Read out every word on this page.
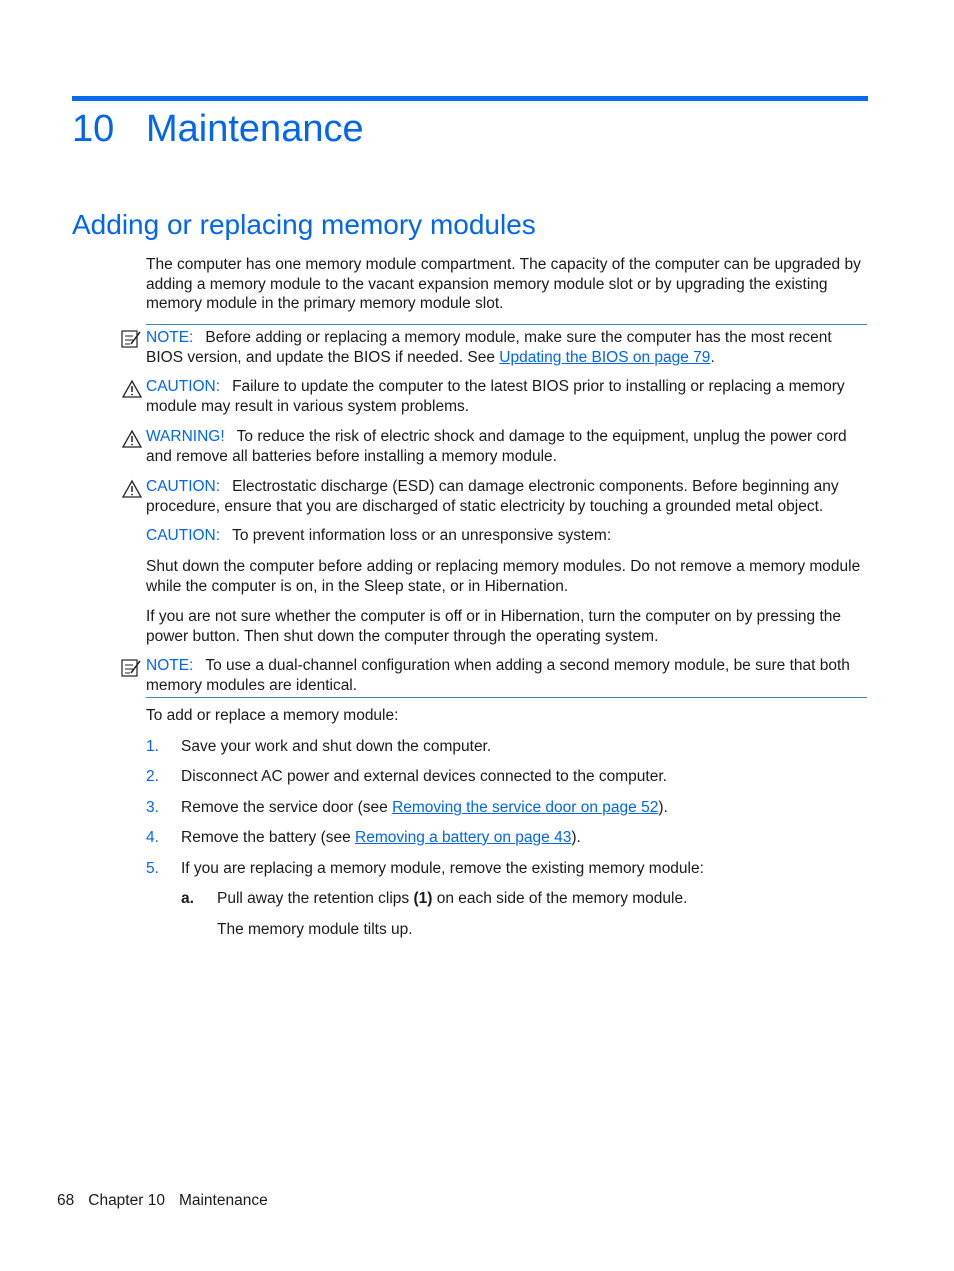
10 Maintenance
Adding or replacing memory modules

The computer has one memory module compartment. The capacity of the computer can be upgraded by adding a memory module to the vacant expansion memory module slot or by upgrading the existing memory module in the primary memory module slot.

NOTE: Before adding or replacing a memory module, make sure the computer has the most recent BIOS version, and update the BIOS if needed. See Updating the BIOS on page 79.

CAUTION: Failure to update the computer to the latest BIOS prior to installing or replacing a memory module may result in various system problems.

WARNING! To reduce the risk of electric shock and damage to the equipment, unplug the power cord and remove all batteries before installing a memory module.

CAUTION: Electrostatic discharge (ESD) can damage electronic components. Before beginning any procedure, ensure that you are discharged of static electricity by touching a grounded metal object.

CAUTION: To prevent information loss or an unresponsive system:

Shut down the computer before adding or replacing memory modules. Do not remove a memory module while the computer is on, in the Sleep state, or in Hibernation.

If you are not sure whether the computer is off or in Hibernation, turn the computer on by pressing the power button. Then shut down the computer through the operating system.

NOTE: To use a dual-channel configuration when adding a second memory module, be sure that both memory modules are identical.

To add or replace a memory module:

1. Save your work and shut down the computer.
2. Disconnect AC power and external devices connected to the computer.
3. Remove the service door (see Removing the service door on page 52).
4. Remove the battery (see Removing a battery on page 43).
5. If you are replacing a memory module, remove the existing memory module:
a. Pull away the retention clips (1) on each side of the memory module.
The memory module tilts up.
68 Chapter 10 Maintenance
